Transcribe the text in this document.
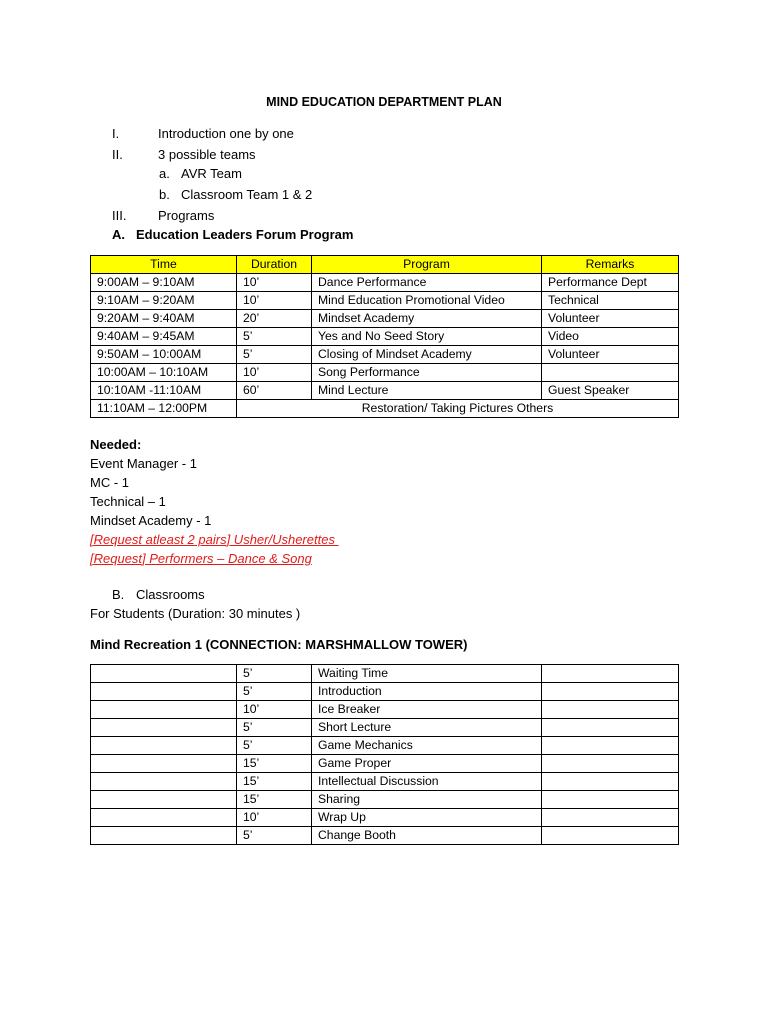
MIND EDUCATION DEPARTMENT PLAN
I.	Introduction one by one
II.	3 possible teams
a. AVR Team
b. Classroom Team 1 & 2
III. Programs
A. Education Leaders Forum Program
Time	Duration	Program	Remarks
9:00AM – 9:10AM	10’	Dance Performance	Performance Dept
9:10AM – 9:20AM	10’	Mind Education Promotional Video	Technical
9:20AM – 9:40AM	20’	Mindset Academy	Volunteer
9:40AM – 9:45AM	5’	Yes and No Seed Story	Video
9:50AM – 10:00AM	5’	Closing of Mindset Academy	Volunteer
10:00AM – 10:10AM	10’	Song Performance	
10:10AM -11:10AM	60’	Mind Lecture	Guest Speaker
11:10AM – 12:00PM	Restoration/ Taking Pictures Others		
Needed:
Event Manager - 1
MC - 1
Technical – 1
Mindset Academy - 1
[Request atleast 2 pairs] Usher/Usherettes
[Request] Performers – Dance & Song
B. Classrooms
For Students (Duration: 30 minutes )
Mind Recreation 1 (CONNECTION: MARSHMALLOW TOWER)
	5’	Waiting Time	
	5’	Introduction	
	10’	Ice Breaker	
	5’	Short Lecture	
	5’	Game Mechanics	
	15’	Game Proper	
	15’	Intellectual Discussion	
	15’	Sharing	
	10’	Wrap Up	
	5’	Change Booth	
